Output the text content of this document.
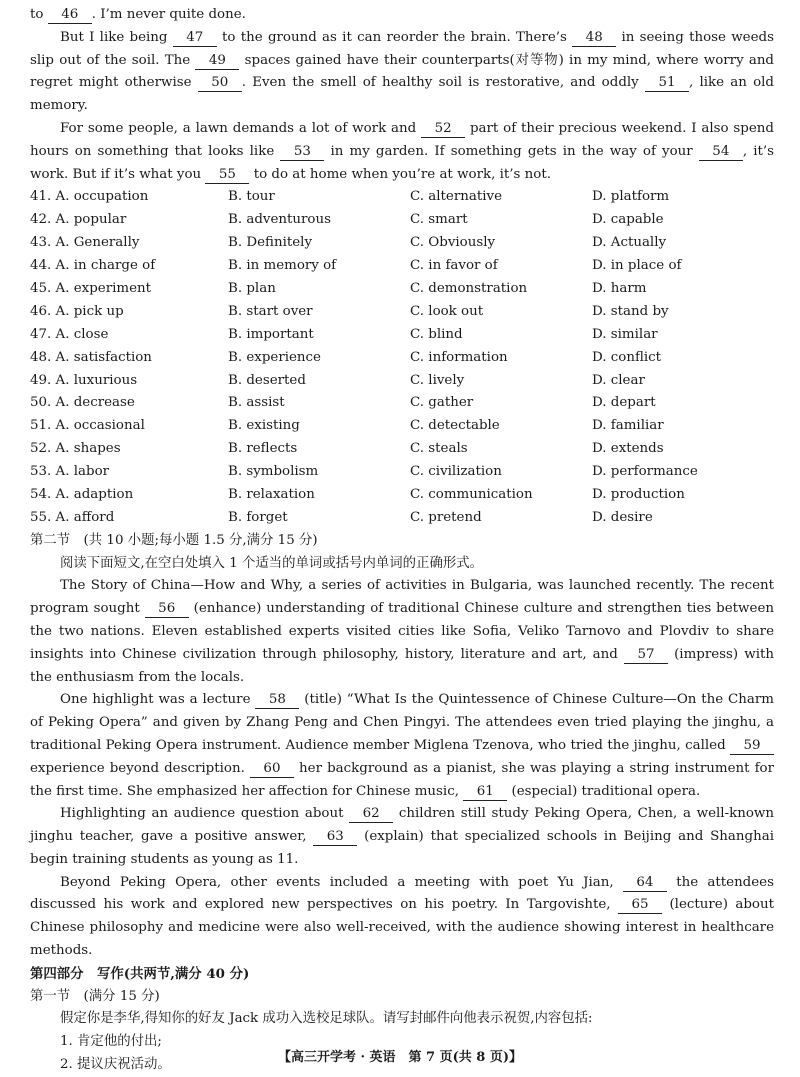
to 46 . I’m never quite done.
But I like being 47 to the ground as it can reorder the brain. There’s 48 in seeing those weeds slip out of the soil. The 49 spaces gained have their counterparts(对等物) in my mind, where worry and regret might otherwise 50 . Even the smell of healthy soil is restorative, and oddly 51 , like an old memory.
For some people, a lawn demands a lot of work and 52 part of their precious weekend. I also spend hours on something that looks like 53 in my garden. If something gets in the way of your 54 , it’s work. But if it’s what you 55 to do at home when you’re at work, it’s not.
41. A. occupation	B. tour	C. alternative	D. platform
42. A. popular	B. adventurous	C. smart	D. capable
43. A. Generally	B. Definitely	C. Obviously	D. Actually
44. A. in charge of	B. in memory of	C. in favor of	D. in place of
45. A. experiment	B. plan	C. demonstration	D. harm
46. A. pick up	B. start over	C. look out	D. stand by
47. A. close	B. important	C. blind	D. similar
48. A. satisfaction	B. experience	C. information	D. conflict
49. A. luxurious	B. deserted	C. lively	D. clear
50. A. decrease	B. assist	C. gather	D. depart
51. A. occasional	B. existing	C. detectable	D. familiar
52. A. shapes	B. reflects	C. steals	D. extends
53. A. labor	B. symbolism	C. civilization	D. performance
54. A. adaption	B. relaxation	C. communication	D. production
55. A. afford	B. forget	C. pretend	D. desire
第二节　(共 10 小题;每小题 1.5 分,满分 15 分)
阅读下面短文,在空白处填入 1 个适当的单词或括号内单词的正确形式。
The Story of China—How and Why, a series of activities in Bulgaria, was launched recently. The recent program sought 56 (enhance) understanding of traditional Chinese culture and strengthen ties between the two nations. Eleven established experts visited cities like Sofia, Veliko Tarnovo and Plovdiv to share insights into Chinese civilization through philosophy, history, literature and art, and 57 (impress) with the enthusiasm from the locals.
One highlight was a lecture 58 (title) “What Is the Quintessence of Chinese Culture—On the Charm of Peking Opera” and given by Zhang Peng and Chen Pingyi. The attendees even tried playing the jinghu, a traditional Peking Opera instrument. Audience member Miglena Tzenova, who tried the jinghu, called 59 experience beyond description. 60 her background as a pianist, she was playing a string instrument for the first time. She emphasized her affection for Chinese music, 61 (especial) traditional opera.
Highlighting an audience question about 62 children still study Peking Opera, Chen, a well-known jinghu teacher, gave a positive answer, 63 (explain) that specialized schools in Beijing and Shanghai begin training students as young as 11.
Beyond Peking Opera, other events included a meeting with poet Yu Jian, 64 the attendees discussed his work and explored new perspectives on his poetry. In Targovishte, 65 (lecture) about Chinese philosophy and medicine were also well-received, with the audience showing interest in healthcare methods.
第四部分　写作(共两节,满分 40 分)
第一节　(满分 15 分)
假定你是李华,得知你的好友 Jack 成功入选校足球队。请写封邮件向他表示祝贺,内容包括:
1. 肯定他的付出;
2. 提议庆祝活动。	【高三开学考 · 英语　第 7 页(共 8 页)】
